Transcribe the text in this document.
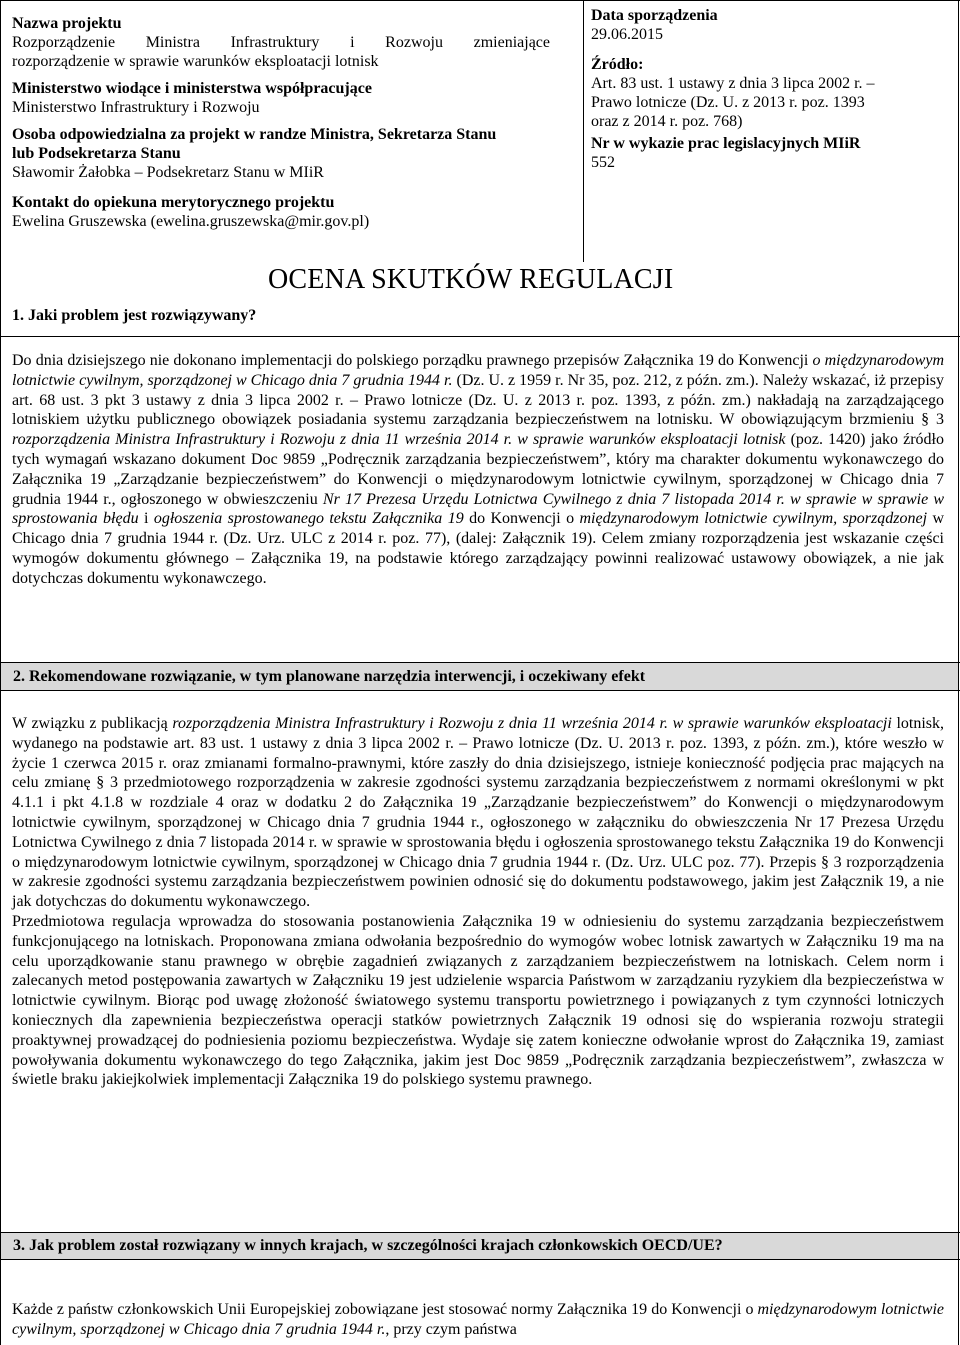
Nazwa projektu
Rozporządzenie Ministra Infrastruktury i Rozwoju zmieniające
rozporządzenie w sprawie warunków eksploatacji lotnisk
Ministerstwo wiodące i ministerstwa współpracujące
Ministerstwo Infrastruktury i Rozwoju
Osoba odpowiedzialna za projekt w randze Ministra, Sekretarza Stanu
lub Podsekretarza Stanu
Sławomir Żałobka – Podsekretarz Stanu w MIiR
Kontakt do opiekuna merytorycznego projektu
Ewelina Gruszewska (ewelina.gruszewska@mir.gov.pl)
Data sporządzenia
29.06.2015
Źródło:
Art. 83 ust. 1 ustawy z dnia 3 lipca 2002 r. –
Prawo lotnicze (Dz. U. z 2013 r. poz. 1393
oraz z 2014 r. poz. 768)
Nr w wykazie prac legislacyjnych MIiR
552
OCENA SKUTKÓW REGULACJI
1. Jaki problem jest rozwiązywany?
Do dnia dzisiejszego nie dokonano implementacji do polskiego porządku prawnego przepisów Załącznika 19 do Konwencji o międzynarodowym lotnictwie cywilnym, sporządzonej w Chicago dnia 7 grudnia 1944 r. (Dz. U. z 1959 r. Nr 35, poz. 212, z późn. zm.). Należy wskazać, iż przepisy art. 68 ust. 3 pkt 3 ustawy z dnia 3 lipca 2002 r. – Prawo lotnicze (Dz. U. z 2013 r. poz. 1393, z późn. zm.) nakładają na zarządzającego lotniskiem użytku publicznego obowiązek posiadania systemu zarządzania bezpieczeństwem na lotnisku. W obowiązującym brzmieniu § 3 rozporządzenia Ministra Infrastruktury i Rozwoju z dnia 11 września 2014 r. w sprawie warunków eksploatacji lotnisk (poz. 1420) jako źródło tych wymagań wskazano dokument Doc 9859 „Podręcznik zarządzania bezpieczeństwem”, który ma charakter dokumentu wykonawczego do Załącznika 19 „Zarządzanie bezpieczeństwem” do Konwencji o międzynarodowym lotnictwie cywilnym, sporządzonej w Chicago dnia 7 grudnia 1944 r., ogłoszonego w obwieszczeniu Nr 17 Prezesa Urzędu Lotnictwa Cywilnego z dnia 7 listopada 2014 r. w sprawie w sprawie w sprostowania błędu i ogłoszenia sprostowanego tekstu Załącznika 19 do Konwencji o międzynarodowym lotnictwie cywilnym, sporządzonej w Chicago dnia 7 grudnia 1944 r. (Dz. Urz. ULC z 2014 r. poz. 77), (dalej: Załącznik 19). Celem zmiany rozporządzenia jest wskazanie części wymogów dokumentu głównego – Załącznika 19, na podstawie którego zarządzający powinni realizować ustawowy obowiązek, a nie jak dotychczas dokumentu wykonawczego.
2. Rekomendowane rozwiązanie, w tym planowane narzędzia interwencji, i oczekiwany efekt

W związku z publikacją rozporządzenia Ministra Infrastruktury i Rozwoju z dnia 11 września 2014 r. w sprawie warunków eksploatacji lotnisk, wydanego na podstawie art. 83 ust. 1 ustawy z dnia 3 lipca 2002 r. – Prawo lotnicze (Dz. U. 2013 r. poz. 1393, z późn. zm.), które weszło w życie 1 czerwca 2015 r. oraz zmianami formalno-prawnymi, które zaszły do dnia dzisiejszego, istnieje konieczność podjęcia prac mających na celu zmianę § 3 przedmiotowego rozporządzenia w zakresie zgodności systemu zarządzania bezpieczeństwem z normami określonymi w pkt 4.1.1 i pkt 4.1.8 w rozdziale 4 oraz w dodatku 2 do Załącznika 19 „Zarządzanie bezpieczeństwem” do Konwencji o międzynarodowym lotnictwie cywilnym, sporządzonej w Chicago dnia 7 grudnia 1944 r., ogłoszonego w załączniku do obwieszczenia Nr 17 Prezesa Urzędu Lotnictwa Cywilnego z dnia 7 listopada 2014 r. w sprawie w sprostowania błędu i ogłoszenia sprostowanego tekstu Załącznika 19 do Konwencji o międzynarodowym lotnictwie cywilnym, sporządzonej w Chicago dnia 7 grudnia 1944 r. (Dz. Urz. ULC poz. 77). Przepis § 3 rozporządzenia w zakresie zgodności systemu zarządzania bezpieczeństwem powinien odnosić się do dokumentu podstawowego, jakim jest Załącznik 19, a nie jak dotychczas do dokumentu wykonawczego.

Przedmiotowa regulacja wprowadza do stosowania postanowienia Załącznika 19 w odniesieniu do systemu zarządzania bezpieczeństwem funkcjonującego na lotniskach. Proponowana zmiana odwołania bezpośrednio do wymogów wobec lotnisk zawartych w Załączniku 19 ma na celu uporządkowanie stanu prawnego w obrębie zagadnień związanych z zarządzaniem bezpieczeństwem na lotniskach. Celem norm i zalecanych metod postępowania zawartych w Załączniku 19 jest udzielenie wsparcia Państwom w zarządzaniu ryzykiem dla bezpieczeństwa w lotnictwie cywilnym. Biorąc pod uwagę złożoność światowego systemu transportu powietrznego i powiązanych z tym czynności lotniczych koniecznych dla zapewnienia bezpieczeństwa operacji statków powietrznych Załącznik 19 odnosi się do wspierania rozwoju strategii proaktywnej prowadzącej do podniesienia poziomu bezpieczeństwa. Wydaje się zatem konieczne odwołanie wprost do Załącznika 19, zamiast powoływania dokumentu wykonawczego do tego Załącznika, jakim jest Doc 9859 „Podręcznik zarządzania bezpieczeństwem”, zwłaszcza w świetle braku jakiejkolwiek implementacji Załącznika 19 do polskiego systemu prawnego.

3. Jak problem został rozwiązany w innych krajach, w szczególności krajach członkowskich OECD/UE?
Każde z państw członkowskich Unii Europejskiej zobowiązane jest stosować normy Załącznika 19 do Konwencji o międzynarodowym lotnictwie cywilnym, sporządzonej w Chicago dnia 7 grudnia 1944 r., przy czym państwa
